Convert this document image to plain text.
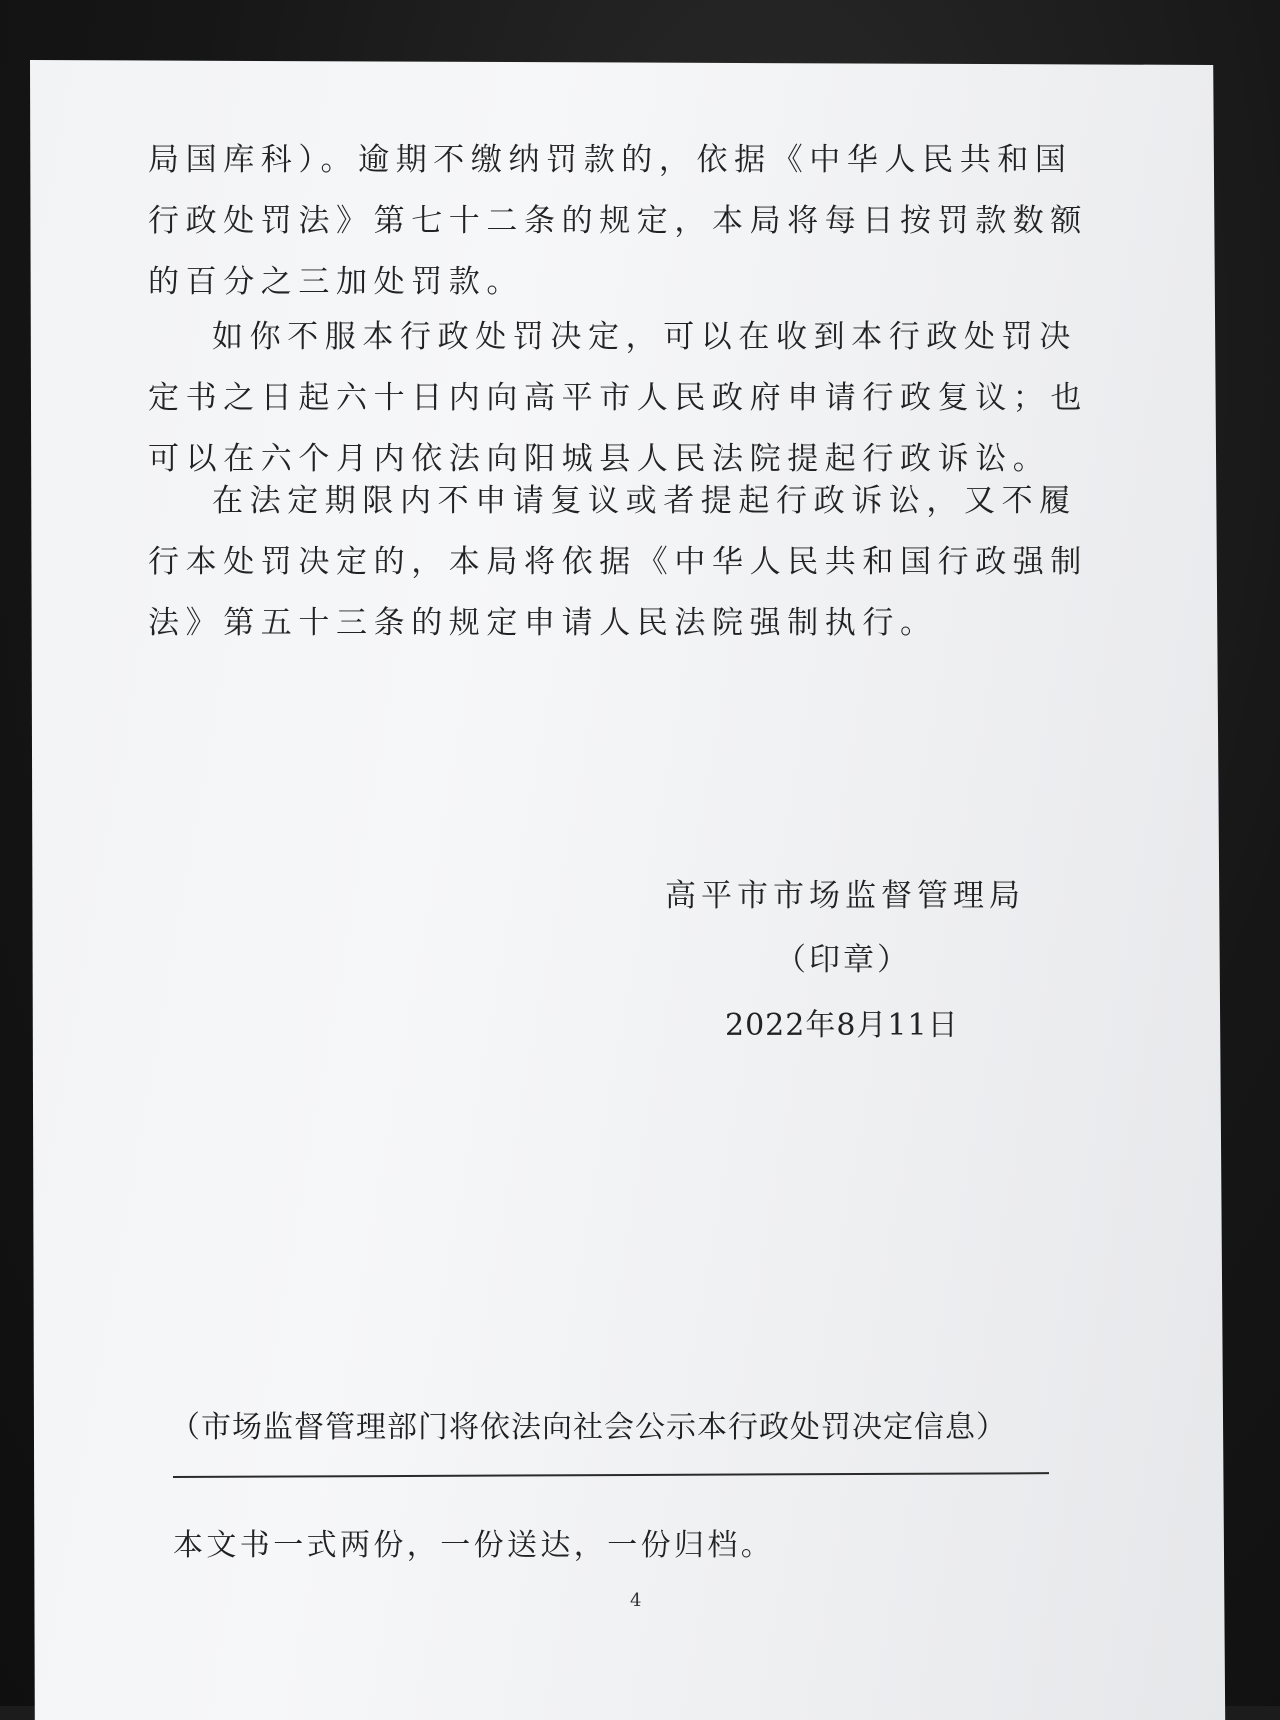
局国库科）。逾期不缴纳罚款的，依据《中华人民共和国行政处罚法》第七十二条的规定，本局将每日按罚款数额的百分之三加处罚款。

如你不服本行政处罚决定，可以在收到本行政处罚决定书之日起六十日内向高平市人民政府申请行政复议；也可以在六个月内依法向阳城县人民法院提起行政诉讼。

在法定期限内不申请复议或者提起行政诉讼，又不履行本处罚决定的，本局将依据《中华人民共和国行政强制法》第五十三条的规定申请人民法院强制执行。

高平市市场监督管理局
（印章）
2022年8月11日
（市场监督管理部门将依法向社会公示本行政处罚决定信息）
本文书一式两份，一份送达，一份归档。
4
